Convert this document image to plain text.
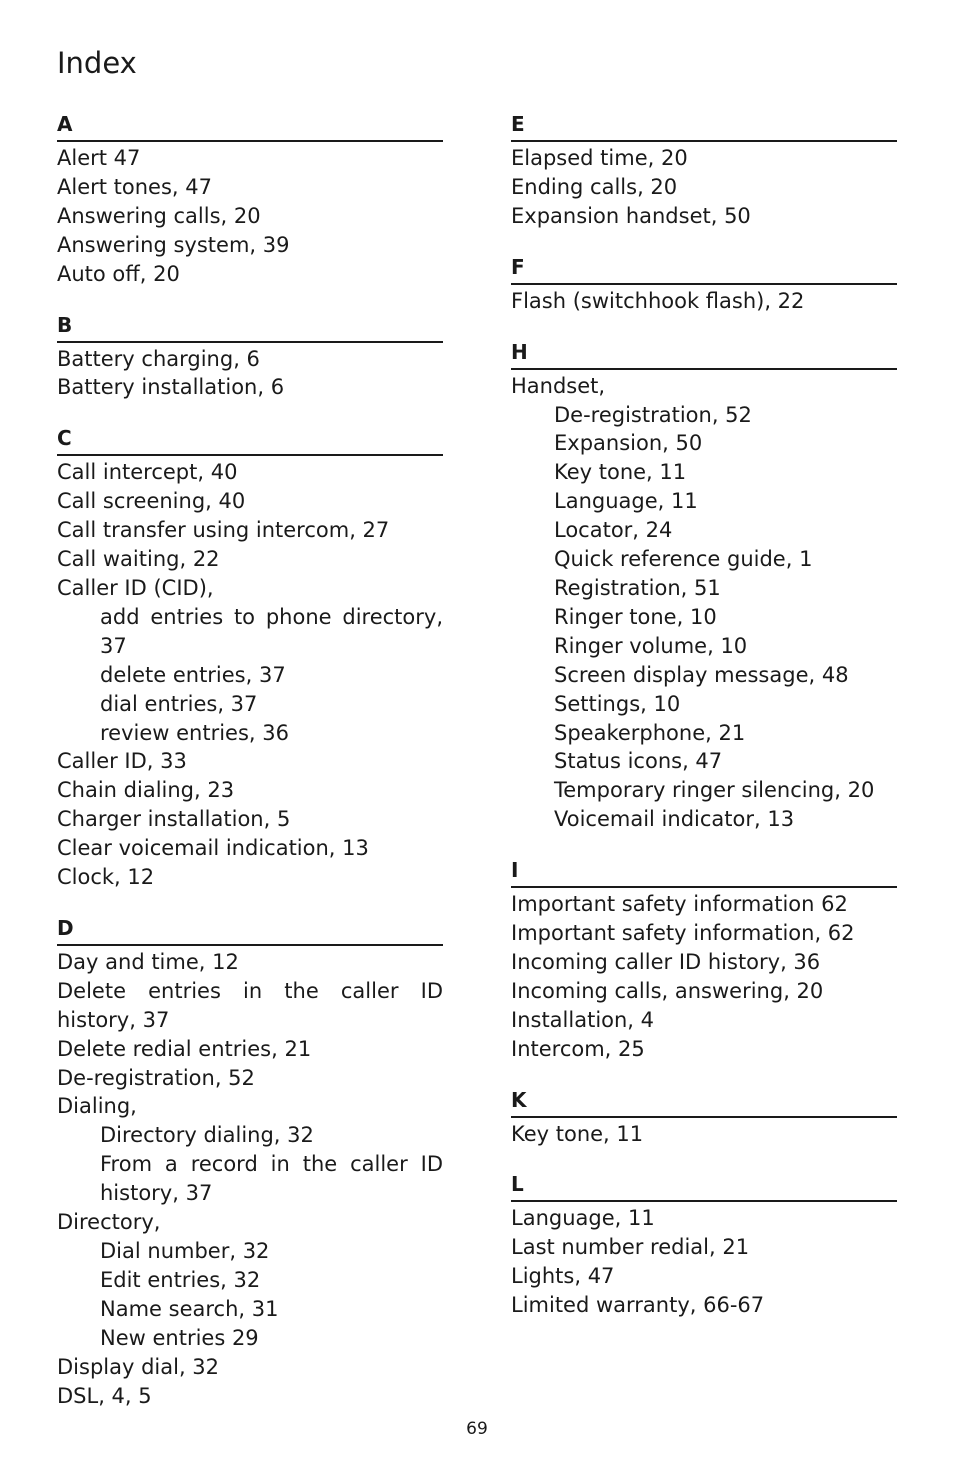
Index
A
Alert 47
Alert tones, 47
Answering calls, 20
Answering system, 39
Auto off, 20
B
Battery charging, 6
Battery installation, 6
C
Call intercept, 40
Call screening, 40
Call transfer using intercom, 27
Call waiting, 22
Caller ID (CID),
add entries to phone directory, 37
delete entries, 37
dial entries, 37
review entries, 36
Caller ID, 33
Chain dialing, 23
Charger installation, 5
Clear voicemail indication, 13
Clock, 12
D
Day and time, 12
Delete entries in the caller ID history, 37
Delete redial entries, 21
De-registration, 52
Dialing,
Directory dialing, 32
From a record in the caller ID history, 37
Directory,
Dial number, 32
Edit entries, 32
Name search, 31
New entries 29
Display dial, 32
DSL, 4, 5
E
Elapsed time, 20
Ending calls, 20
Expansion handset, 50
F
Flash (switchhook flash), 22
H
Handset,
De-registration, 52
Expansion, 50
Key tone, 11
Language, 11
Locator, 24
Quick reference guide, 1
Registration, 51
Ringer tone, 10
Ringer volume, 10
Screen display message, 48
Settings, 10
Speakerphone, 21
Status icons, 47
Temporary ringer silencing, 20
Voicemail indicator, 13
I
Important safety information 62
Important safety information, 62
Incoming caller ID history, 36
Incoming calls, answering, 20
Installation, 4
Intercom, 25
K
Key tone, 11
L
Language, 11
Last number redial, 21
Lights, 47
Limited warranty, 66-67
69
